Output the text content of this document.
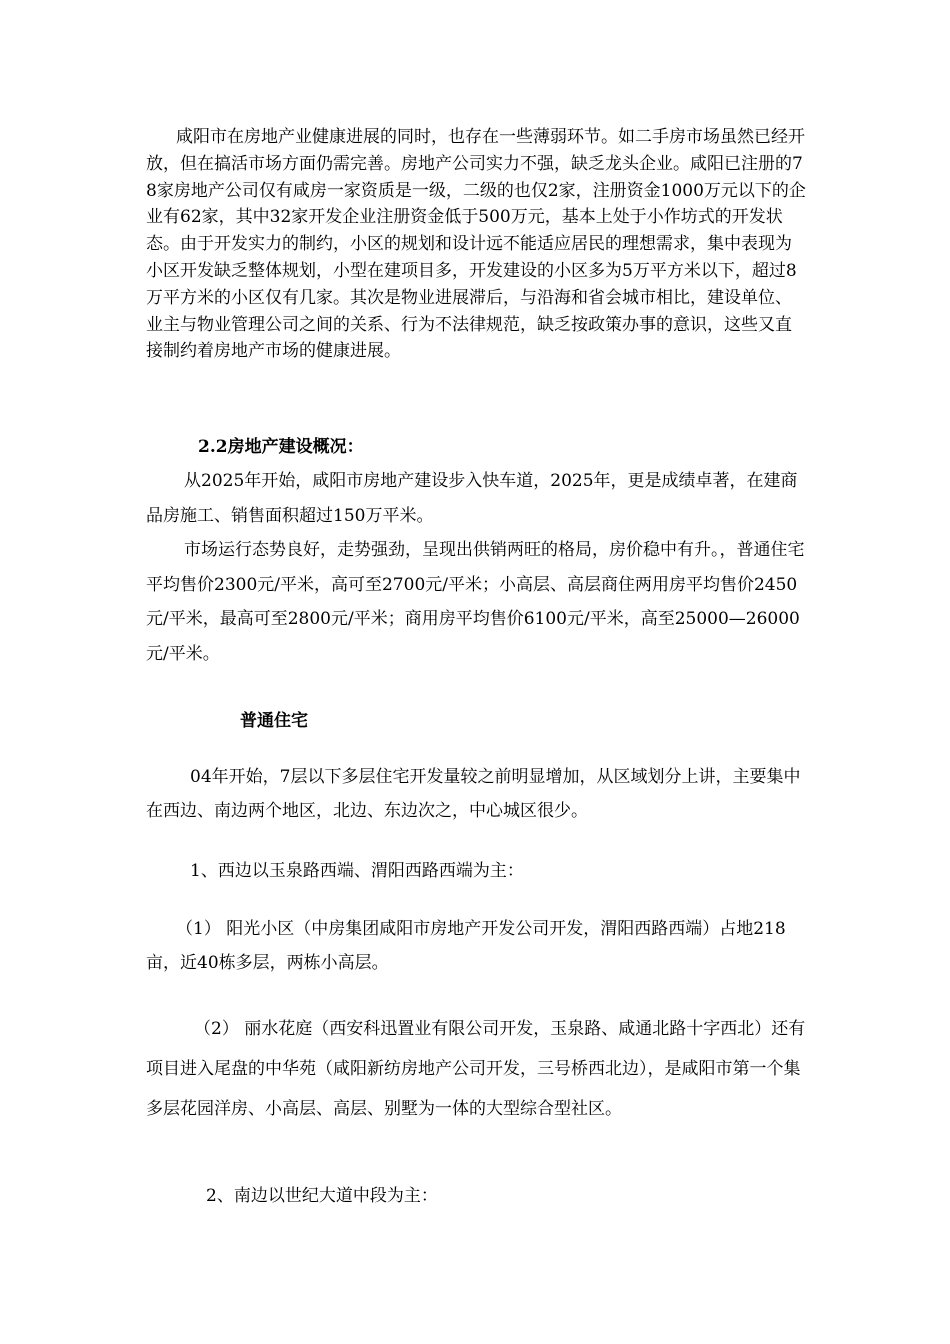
咸阳市在房地产业健康进展的同时，也存在一些薄弱环节。如二手房市场虽然已经开放，但在搞活市场方面仍需完善。房地产公司实力不强，缺乏龙头企业。咸阳已注册的78家房地产公司仅有咸房一家资质是一级，二级的也仅2家，注册资金1000万元以下的企业有62家，其中32家开发企业注册资金低于500万元，基本上处于小作坊式的开发状态。由于开发实力的制约，小区的规划和设计远不能适应居民的理想需求，集中表现为小区开发缺乏整体规划，小型在建项目多，开发建设的小区多为5万平方米以下，超过8万平方米的小区仅有几家。其次是物业进展滞后，与沿海和省会城市相比，建设单位、业主与物业管理公司之间的关系、行为不法律规范，缺乏按政策办事的意识，这些又直接制约着房地产市场的健康进展。

2.2房地产建设概况：

从2025年开始，咸阳市房地产建设步入快车道，2025年，更是成绩卓著，在建商品房施工、销售面积超过150万平米。

市场运行态势良好，走势强劲，呈现出供销两旺的格局，房价稳中有升。，普通住宅平均售价2300元/平米，高可至2700元/平米；小高层、高层商住两用房平均售价2450元/平米，最高可至2800元/平米；商用房平均售价6100元/平米，高至25000—26000元/平米。

普通住宅

04年开始，7层以下多层住宅开发量较之前明显增加，从区域划分上讲，主要集中在西边、南边两个地区，北边、东边次之，中心城区很少。

1、西边以玉泉路西端、渭阳西路西端为主：

（1） 阳光小区（中房集团咸阳市房地产开发公司开发，渭阳西路西端）占地218亩，近40栋多层，两栋小高层。

（2） 丽水花庭（西安科迅置业有限公司开发，玉泉路、咸通北路十字西北）还有项目进入尾盘的中华苑（咸阳新纺房地产公司开发，三号桥西北边），是咸阳市第一个集多层花园洋房、小高层、高层、别墅为一体的大型综合型社区。

2、南边以世纪大道中段为主：
